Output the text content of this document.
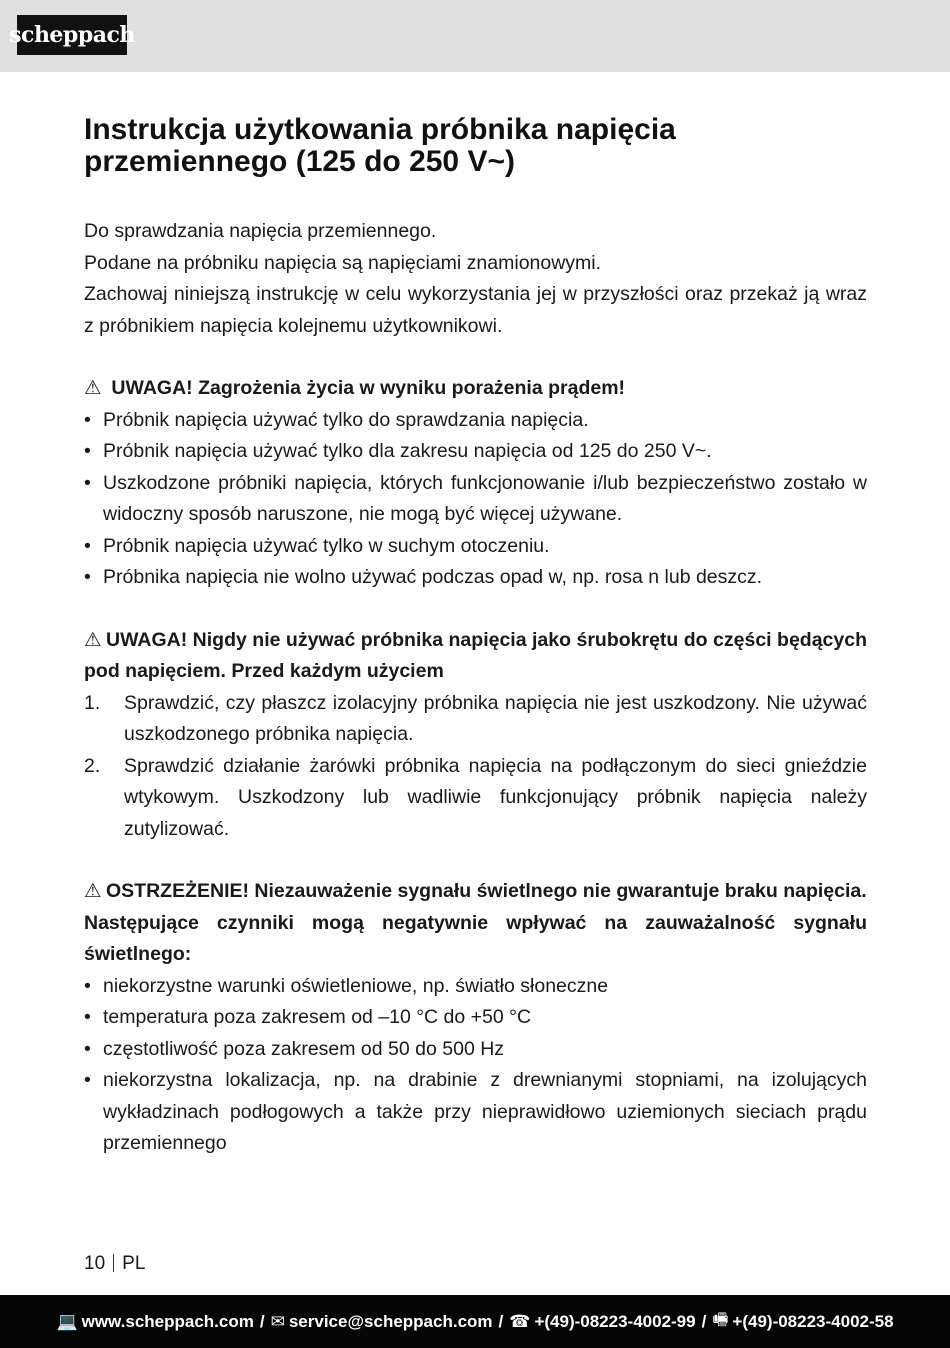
scheppach
Instrukcja użytkowania próbnika napięcia przemiennego (125 do 250 V~)

Do sprawdzania napięcia przemiennego.

Podane na próbniku napięcia są napięciami znamionowymi.

Zachowaj niniejszą instrukcję w celu wykorzystania jej w przyszłości oraz przekaż ją wraz z próbnikiem napięcia kolejnemu użytkownikowi.

⚠ UWAGA! Zagrożenia życia w wyniku porażenia prądem!

• Próbnik napięcia używać tylko do sprawdzania napięcia.
• Próbnik napięcia używać tylko dla zakresu napięcia od 125 do 250 V~.
• Uszkodzone próbniki napięcia, których funkcjonowanie i/lub bezpieczeństwo zostało w widoczny sposób naruszone, nie mogą być więcej używane.
• Próbnik napięcia używać tylko w suchym otoczeniu.
• Próbnika napięcia nie wolno używać podczas opad w, np. rosa n lub deszcz.

⚠ UWAGA! Nigdy nie używać próbnika napięcia jako śrubokrętu do części będących pod napięciem. Przed każdym użyciem

1. Sprawdzić, czy płaszcz izolacyjny próbnika napięcia nie jest uszkodzony. Nie używać uszkodzonego próbnika napięcia.
2. Sprawdzić działanie żarówki próbnika napięcia na podłączonym do sieci gnieździe wtykowym. Uszkodzony lub wadliwie funkcjonujący próbnik napięcia należy zutylizować.

⚠ OSTRZEŻENIE! Niezauważenie sygnału świetlnego nie gwarantuje braku napięcia.

Następujące czynniki mogą negatywnie wpływać na zauważalność sygnału świetlnego:

• niekorzystne warunki oświetleniowe, np. światło słoneczne
• temperatura poza zakresem od –10 °C do +50 °C
• częstotliwość poza zakresem od 50 do 500 Hz
• niekorzystna lokalizacja, np. na drabinie z drewnianymi stopniami, na izolujących wykładzinach podłogowych a także przy nieprawidłowo uziemionych sieciach prądu przemiennego
10 PL
💻 www.scheppach.com / ✉ service@scheppach.com / ☎ +(49)-08223-4002-99 / 🖷 +(49)-08223-4002-58
